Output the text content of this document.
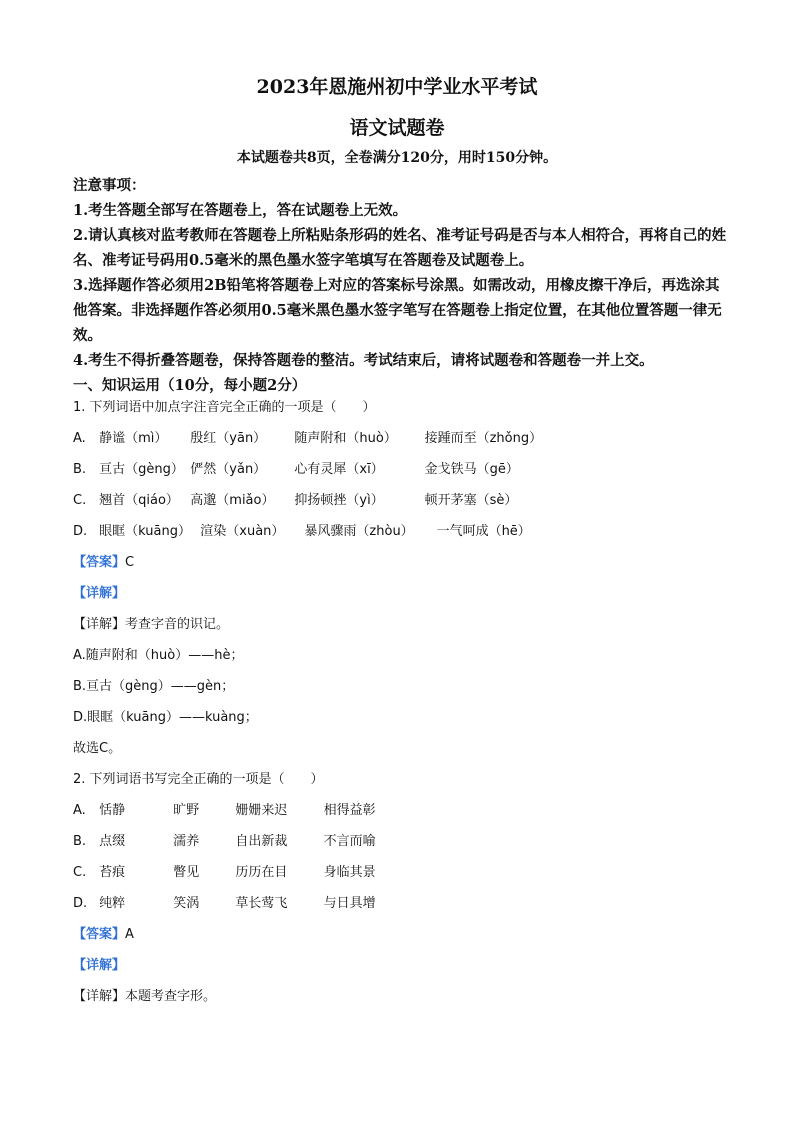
2023年恩施州初中学业水平考试
语文试题卷
本试题卷共8页，全卷满分120分，用时150分钟。

注意事项：

1.考生答题全部写在答题卷上，答在试题卷上无效。

2.请认真核对监考教师在答题卷上所粘贴条形码的姓名、准考证号码是否与本人相符合，再将自己的姓名、准考证号码用0.5毫米的黑色墨水签字笔填写在答题卷及试题卷上。

3.选择题作答必须用2B铅笔将答题卷上对应的答案标号涂黑。如需改动，用橡皮擦干净后，再选涂其他答案。非选择题作答必须用0.5毫米黑色墨水签字笔写在答题卷上指定位置，在其他位置答题一律无效。

4.考生不得折叠答题卷，保持答题卷的整洁。考试结束后，请将试题卷和答题卷一并上交。

一、知识运用（10分，每小题2分）

1. 下列词语中加点字注音完全正确的一项是（　　）
A. 静谧（mì） 殷红（yān） 随声附和（huò） 接踵而至（zhǒng）
B. 亘古（gèng） 俨然（yǎn） 心有灵犀（xī）	金戈铁马（gē）
C. 翘首（qiáo） 高邈（miǎo） 抑扬顿挫（yì）	顿开茅塞（sè）
D. 眼眶（kuāng） 渲染（xuàn） 暴风骤雨（zhòu） 一气呵成（hē）
【答案】C
【详解】
【详解】考查字音的识记。
A.随声附和（huò）——hè；
B.亘古（gèng）——gèn；
D.眼眶（kuāng）——kuàng；
故选C。
2. 下列词语书写完全正确的一项是（　　）
A. 恬静	旷野	姗姗来迟	相得益彰
B. 点缀	濡养	自出新裁	不言而喻
C. 苔痕	瞥见	历历在目	身临其景
D. 纯粹	笑涡	草长莺飞	与日具增
【答案】A
【详解】
【详解】本题考查字形。
